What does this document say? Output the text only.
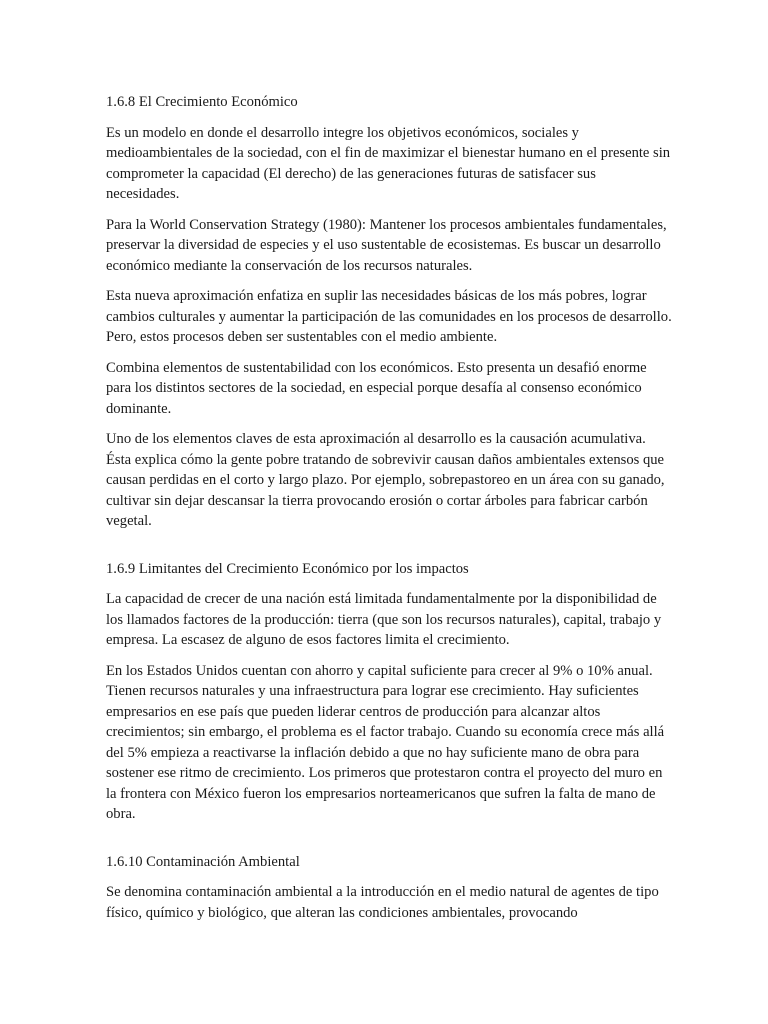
1.6.8 El Crecimiento Económico

Es un modelo en donde el desarrollo integre los objetivos económicos, sociales y medioambientales de la sociedad, con el fin de maximizar el bienestar humano en el presente sin comprometer la capacidad (El derecho) de las generaciones futuras de satisfacer sus necesidades.

Para la World Conservation Strategy (1980): Mantener los procesos ambientales fundamentales, preservar la diversidad de especies y el uso sustentable de ecosistemas. Es buscar un desarrollo económico mediante la conservación de los recursos naturales.

Esta nueva aproximación enfatiza en suplir las necesidades básicas de los más pobres, lograr cambios culturales y aumentar la participación de las comunidades en los procesos de desarrollo. Pero, estos procesos deben ser sustentables con el medio ambiente.

Combina elementos de sustentabilidad con los económicos. Esto presenta un desafió enorme para los distintos sectores de la sociedad, en especial porque desafía al consenso económico dominante.

Uno de los elementos claves de esta aproximación al desarrollo es la causación acumulativa. Ésta explica cómo la gente pobre tratando de sobrevivir causan daños ambientales extensos que causan perdidas en el corto y largo plazo. Por ejemplo, sobrepastoreo en un área con su ganado, cultivar sin dejar descansar la tierra provocando erosión o cortar árboles para fabricar carbón vegetal.

1.6.9 Limitantes del Crecimiento Económico por los impactos

La capacidad de crecer de una nación está limitada fundamentalmente por la disponibilidad de los llamados factores de la producción: tierra (que son los recursos naturales), capital, trabajo y empresa. La escasez de alguno de esos factores limita el crecimiento.

En los Estados Unidos cuentan con ahorro y capital suficiente para crecer al 9% o 10% anual. Tienen recursos naturales y una infraestructura para lograr ese crecimiento. Hay suficientes empresarios en ese país que pueden liderar centros de producción para alcanzar altos crecimientos; sin embargo, el problema es el factor trabajo. Cuando su economía crece más allá del 5% empieza a reactivarse la inflación debido a que no hay suficiente mano de obra para sostener ese ritmo de crecimiento. Los primeros que protestaron contra el proyecto del muro en la frontera con México fueron los empresarios norteamericanos que sufren la falta de mano de obra.

1.6.10 Contaminación Ambiental

Se denomina contaminación ambiental a la introducción en el medio natural de agentes de tipo físico, químico y biológico, que alteran las condiciones ambientales, provocando
